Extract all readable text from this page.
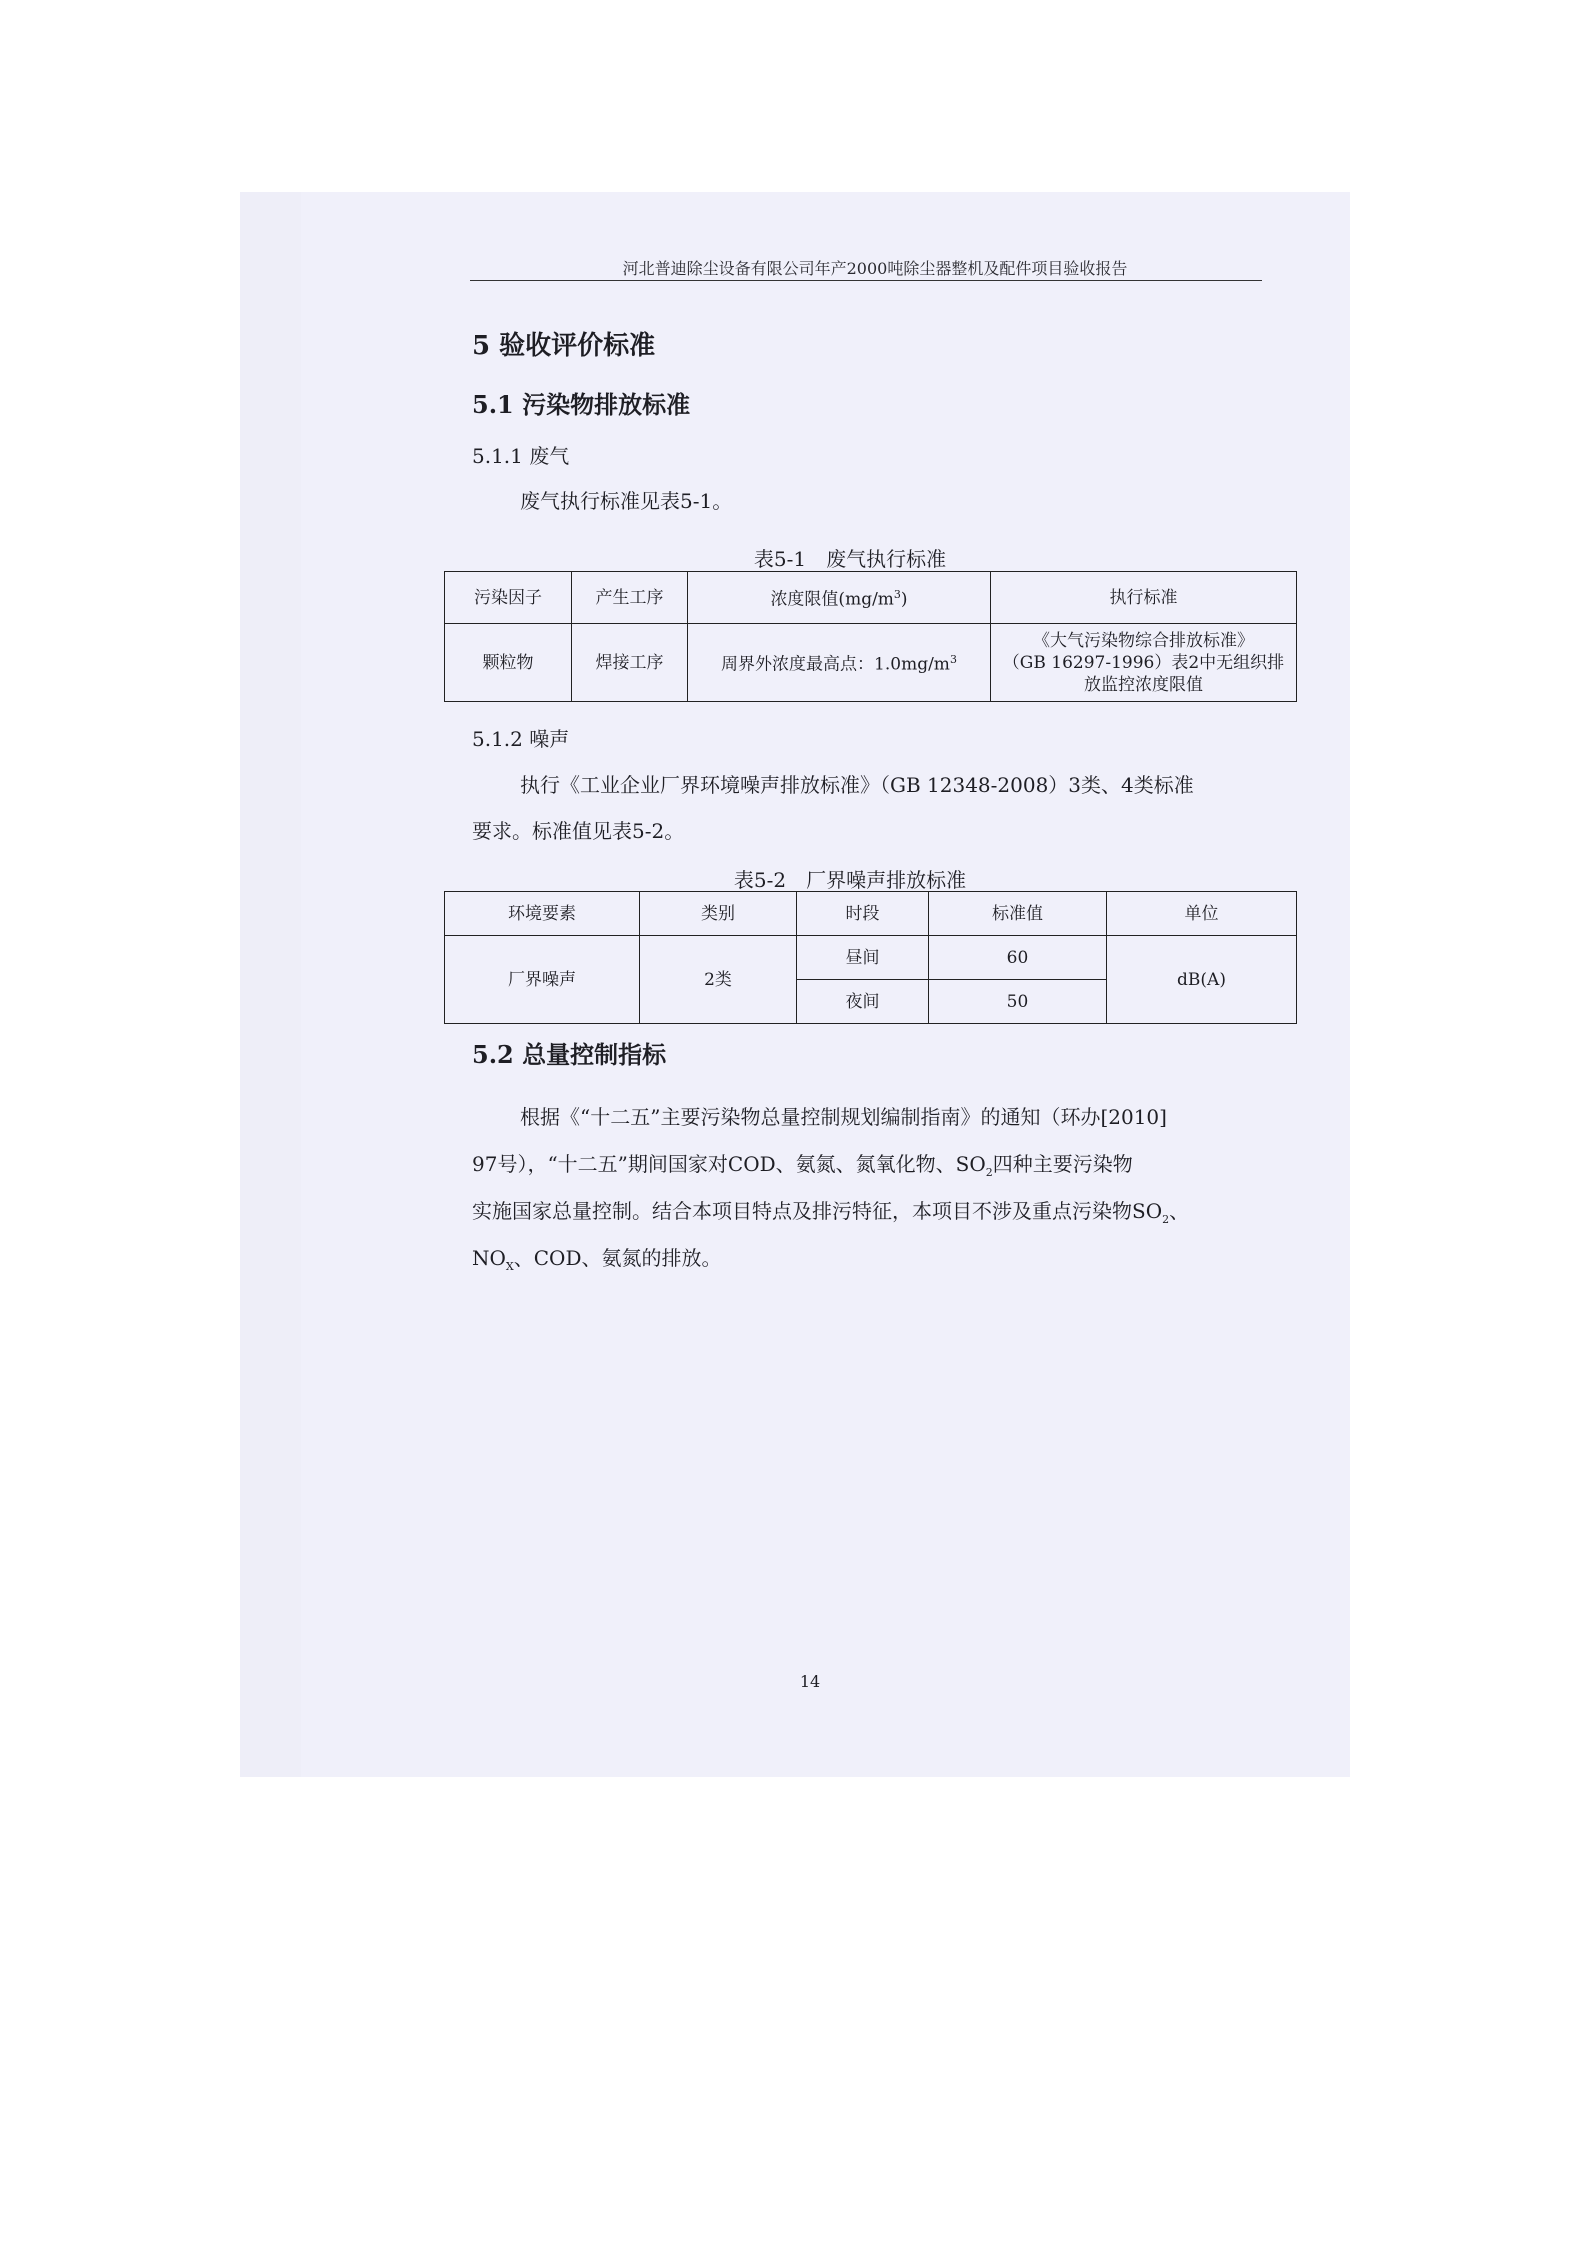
河北普迪除尘设备有限公司年产2000吨除尘器整机及配件项目验收报告
5 验收评价标准
5.1 污染物排放标准
5.1.1 废气
废气执行标准见表5-1。
表5-1　废气执行标准
污染因子	产生工序	浓度限值$(mg/m^3)$	执行标准
颗粒物	焊接工序	周界外浓度最高点：$1.0mg/m^3$	《大气污染物综合排放标准》
（GB 16297-1996）表2中无组织排
放监控浓度限值
5.1.2 噪声
执行《工业企业厂界环境噪声排放标准》（GB 12348-2008）3类、4类标准
要求。标准值见表5-2。
表5-2　厂界噪声排放标准
环境要素	类别	时段	标准值	单位
厂界噪声	2类	昼间	60	dB(A)
		夜间	50	
5.2 总量控制指标
根据《“十二五”主要污染物总量控制规划编制指南》的通知（环办[2010]
97号），“十二五”期间国家对COD、氨氮、氮氧化物、$SO_2$四种主要污染物
实施国家总量控制。结合本项目特点及排污特征，本项目不涉及重点污染物$SO_2$、
$NO_X$、COD、氨氮的排放。
14
